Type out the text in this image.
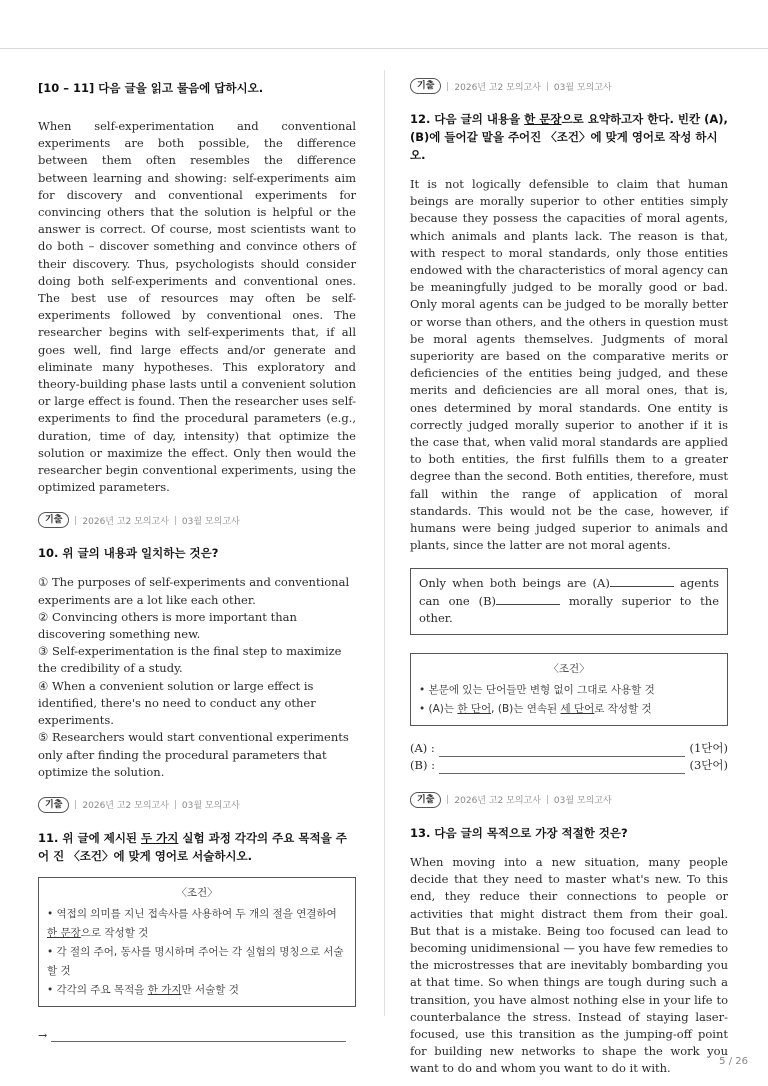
[10 – 11] 다음 글을 읽고 물음에 답하시오.

When self-experimentation and conventional experiments are both possible, the difference between them often resembles the difference between learning and showing: self-experiments aim for discovery and conventional experiments for convincing others that the solution is helpful or the answer is correct. Of course, most scientists want to do both – discover something and convince others of their discovery. Thus, psychologists should consider doing both self-experiments and conventional ones. The best use of resources may often be self-experiments followed by conventional ones. The researcher begins with self-experiments that, if all goes well, find large effects and/or generate and eliminate many hypotheses. This exploratory and theory-building phase lasts until a convenient solution or large effect is found. Then the researcher uses self-experiments to find the procedural parameters (e.g., duration, time of day, intensity) that optimize the solution or maximize the effect. Only then would the researcher begin conventional experiments, using the optimized parameters.

기출	2026년 고2 모의고사 03월 모의고사
10. 위 글의 내용과 일치하는 것은?

① The purposes of self-experiments and conventional experiments are a lot like each other.

② Convincing others is more important than discovering something new.

③ Self-experimentation is the final step to maximize the credibility of a study.

④ When a convenient solution or large effect is identified, there's no need to conduct any other experiments.

⑤ Researchers would start conventional experiments only after finding the procedural parameters that optimize the solution.

기출	2026년 고2 모의고사 03월 모의고사
11. 위 글에 제시된 두 가지 실험 과정 각각의 주요 목적을 주어 진 〈조건〉에 맞게 영어로 서술하시오.
〈조건〉
• 역접의 의미를 지닌 접속사를 사용하여 두 개의 절을 연결하여 한 문장으로 작성할 것
• 각 절의 주어, 동사를 명시하며 주어는 각 실험의 명칭으로 서술할 것
• 각각의 주요 목적을 한 가지만 서술할 것
→
기출	2026년 고2 모의고사 03월 모의고사
12. 다음 글의 내용을 한 문장으로 요약하고자 한다. 빈칸 (A), (B)에 들어갈 말을 주어진 〈조건〉에 맞게 영어로 작성 하시오.

It is not logically defensible to claim that human beings are morally superior to other entities simply because they possess the capacities of moral agents, which animals and plants lack. The reason is that, with respect to moral standards, only those entities endowed with the characteristics of moral agency can be meaningfully judged to be morally good or bad. Only moral agents can be judged to be morally better or worse than others, and the others in question must be moral agents themselves. Judgments of moral superiority are based on the comparative merits or deficiencies of the entities being judged, and these merits and deficiencies are all moral ones, that is, ones determined by moral standards. One entity is correctly judged morally superior to another if it is the case that, when valid moral standards are applied to both entities, the first fulfills them to a greater degree than the second. Both entities, therefore, must fall within the range of application of moral standards. This would not be the case, however, if humans were being judged superior to animals and plants, since the latter are not moral agents.

Only when both beings are (A)	agents can one (B)	morally superior to the other.
〈조건〉
• 본문에 있는 단어들만 변형 없이 그대로 사용할 것
• (A)는 한 단어, (B)는 연속된 세 단어로 작성할 것
(A) :	(1단어)
(B) :	(3단어)
기출	2026년 고2 모의고사 03월 모의고사
13. 다음 글의 목적으로 가장 적절한 것은?

When moving into a new situation, many people decide that they need to master what's new. To this end, they reduce their connections to people or activities that might distract them from their goal. But that is a mistake. Being too focused can lead to becoming unidimensional — you have few remedies to the microstresses that are inevitably bombarding you at that time. So when things are tough during such a transition, you have almost nothing else in your life to counterbalance the stress. Instead of staying laser-focused, use this transition as the jumping-off point for building new networks to shape the work you want to do and whom you want to do it with.	5 / 26
